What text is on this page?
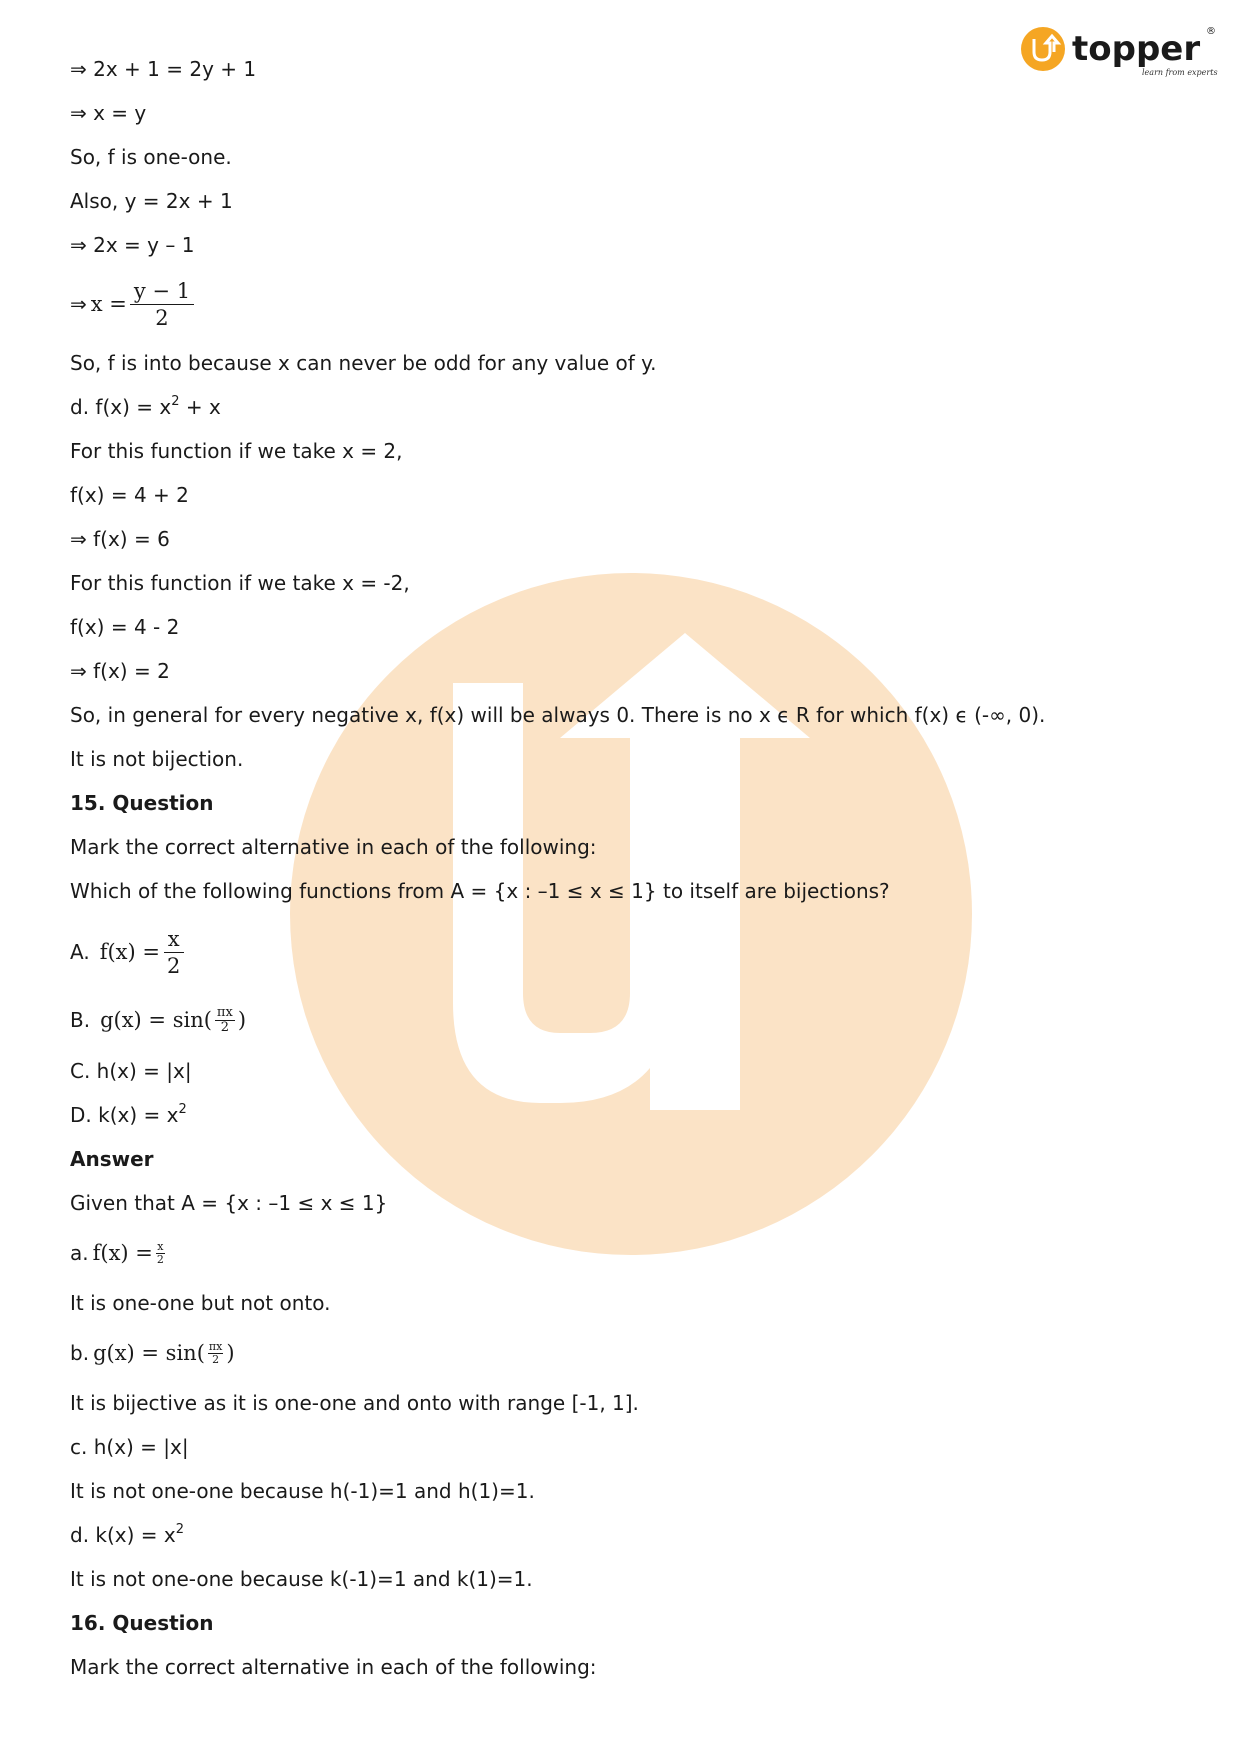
topper
learn from experts
®
⇒ 2x + 1 = 2y + 1
⇒ x = y
So, f is one-one.
Also, y = 2x + 1
⇒ 2x = y – 1
⇒ $x = \frac{y - 1}{2}$
So, f is into because x can never be odd for any value of y.
d. $f(x) = x^2 + x$
For this function if we take x = 2,
f(x) = 4 + 2
⇒ f(x) = 6
For this function if we take x = -2,
f(x) = 4 - 2
⇒ f(x) = 2
So, in general for every negative x, f(x) will be always 0. There is no x ϵ R for which f(x) ϵ (-∞, 0).
It is not bijection.
15. Question
Mark the correct alternative in each of the following:
Which of the following functions from A = {x : –1 ≤ x ≤ 1} to itself are bijections?
A. $f(x) = \frac{x}{2}$
B. $g(x) = \sin( \frac{\pi x}{2}$ )
C. h(x) = |x|
D. $k(x) = x^2$
Answer
Given that A = {x : –1 ≤ x ≤ 1}
a. $f(x) = \frac{x}{2}$
It is one-one but not onto.
b. $g(x) = \sin( \frac{\pi x}{2}$ )
It is bijective as it is one-one and onto with range [-1, 1].
c. h(x) = |x|
It is not one-one because h(-1)=1 and h(1)=1.
d. $k(x) = x^2$
It is not one-one because k(-1)=1 and k(1)=1.
16. Question
Mark the correct alternative in each of the following:
